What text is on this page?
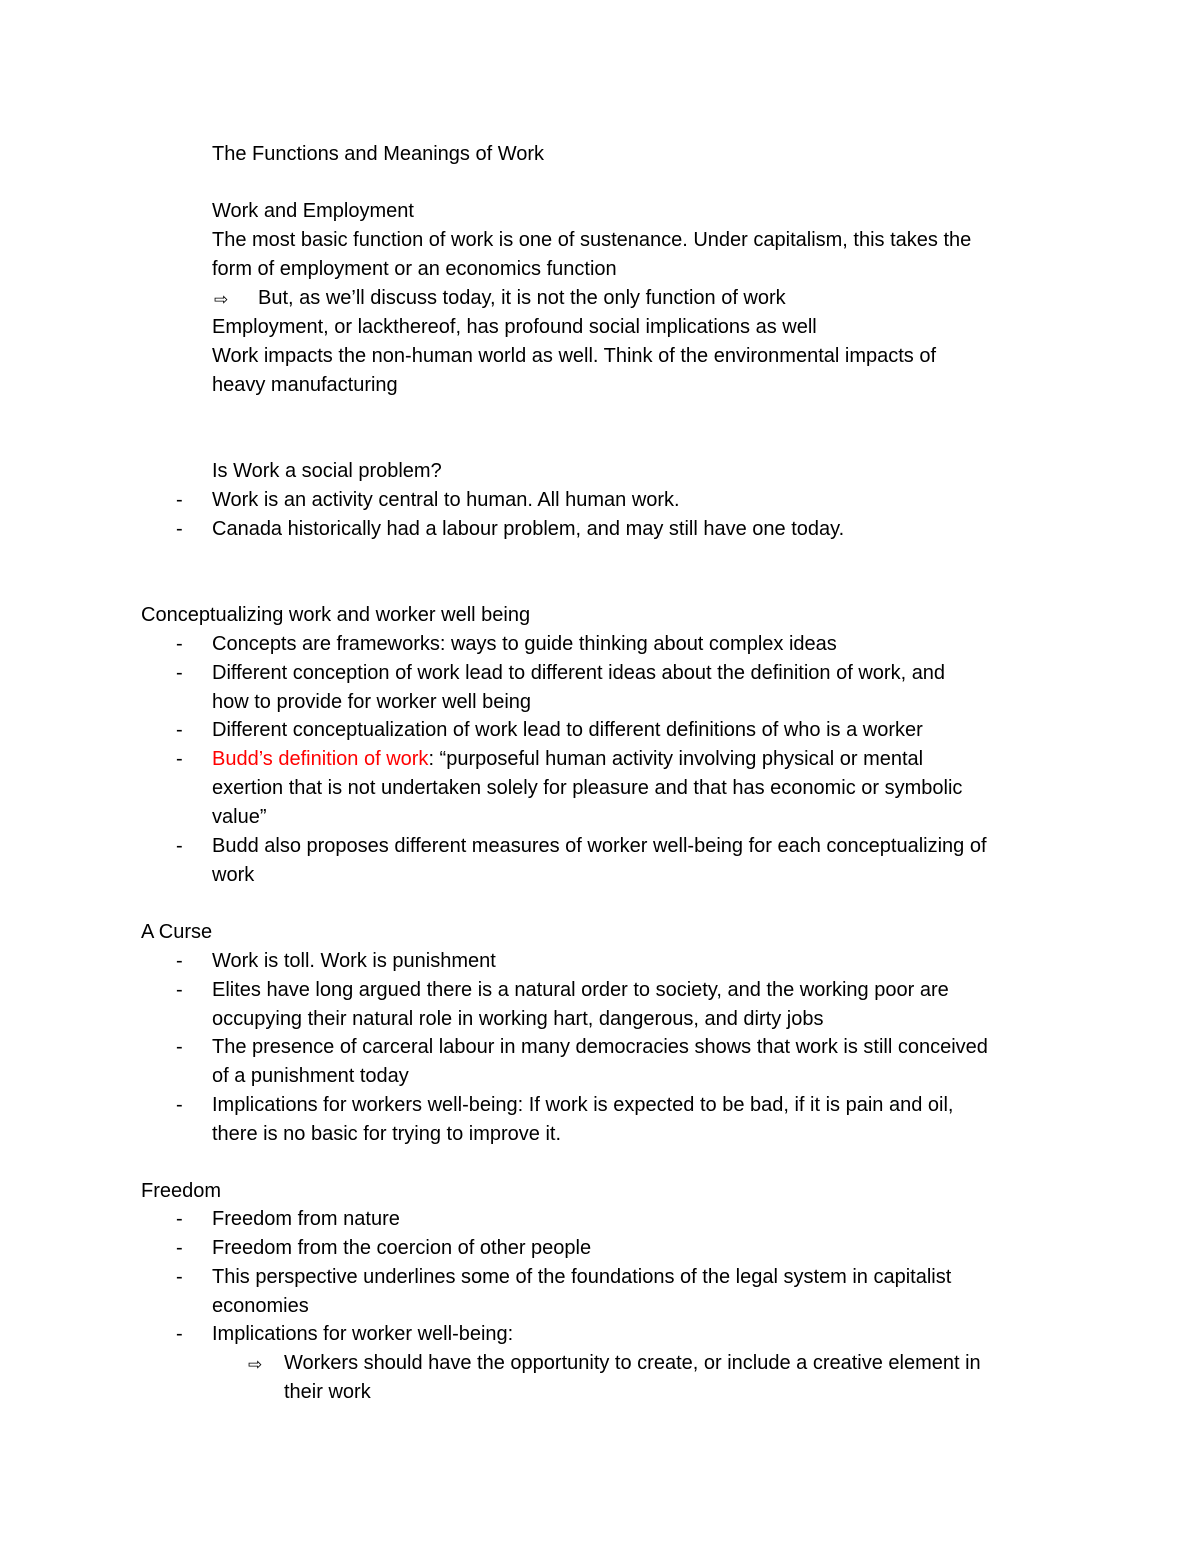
The Functions and Meanings of Work
Work and Employment
The most basic function of work is one of sustenance. Under capitalism, this takes the
form of employment or an economics function
⇨ But, as we’ll discuss today, it is not the only function of work
Employment, or lackthereof, has profound social implications as well
Work impacts the non-human world as well. Think of the environmental impacts of
heavy manufacturing
Is Work a social problem?
- Work is an activity central to human. All human work.
- Canada historically had a labour problem, and may still have one today.
Conceptualizing work and worker well being
- Concepts are frameworks: ways to guide thinking about complex ideas
- Different conception of work lead to different ideas about the definition of work, and
how to provide for worker well being
- Different conceptualization of work lead to different definitions of who is a worker
- Budd’s definition of work: “purposeful human activity involving physical or mental
exertion that is not undertaken solely for pleasure and that has economic or symbolic
value”
- Budd also proposes different measures of worker well-being for each conceptualizing of
work
A Curse
- Work is toll. Work is punishment
- Elites have long argued there is a natural order to society, and the working poor are
occupying their natural role in working hart, dangerous, and dirty jobs
- The presence of carceral labour in many democracies shows that work is still conceived
of a punishment today
- Implications for workers well-being: If work is expected to be bad, if it is pain and oil,
there is no basic for trying to improve it.
Freedom
- Freedom from nature
- Freedom from the coercion of other people
- This perspective underlines some of the foundations of the legal system in capitalist
economies
- Implications for worker well-being:
⇨ Workers should have the opportunity to create, or include a creative element in
their work
